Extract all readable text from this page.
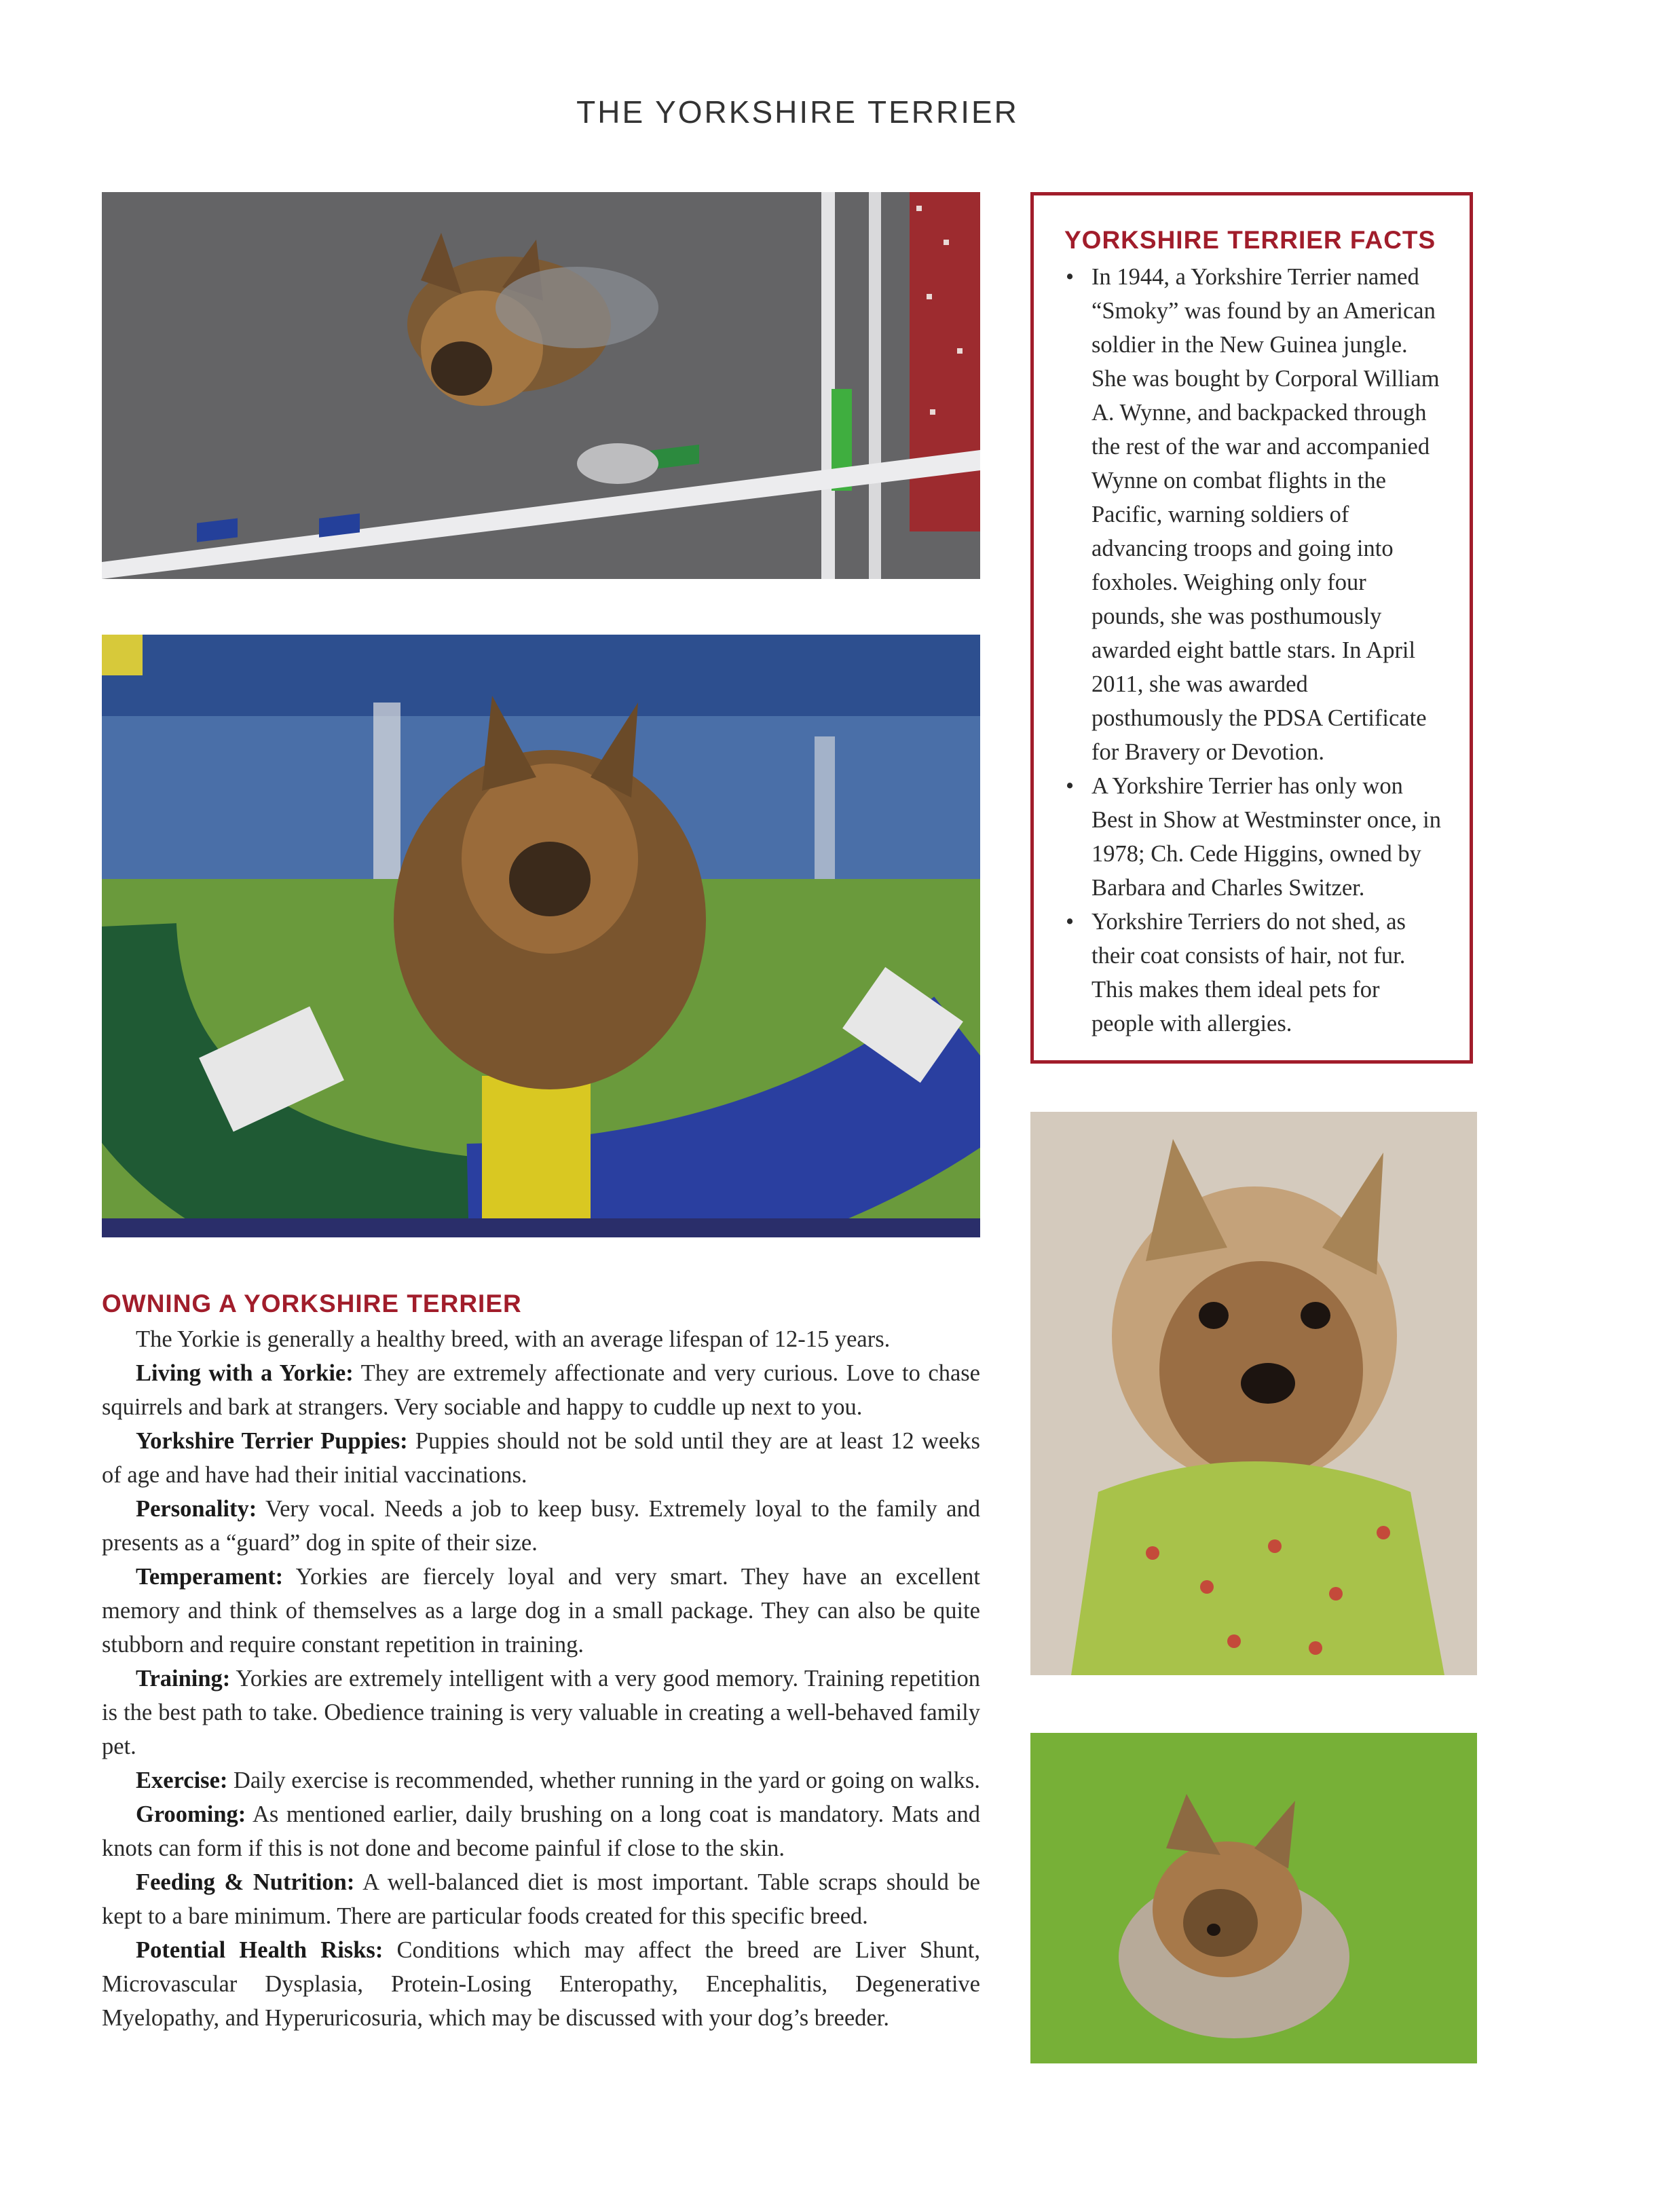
THE YORKSHIRE TERRIER
YORKSHIRE TERRIER FACTS
• In 1944, a Yorkshire Terrier named “Smoky” was found by an American soldier in the New Guinea jungle. She was bought by Corporal William A. Wynne, and backpacked through the rest of the war and accompanied Wynne on combat flights in the Pacific, warning soldiers of advancing troops and going into foxholes. Weighing only four pounds, she was posthumously awarded eight battle stars. In April 2011, she was awarded posthumously the PDSA Certificate for Bravery or Devotion.
• A Yorkshire Terrier has only won Best in Show at Westminster once, in 1978; Ch. Cede Higgins, owned by Barbara and Charles Switzer.
• Yorkshire Terriers do not shed, as their coat consists of hair, not fur. This makes them ideal pets for people with allergies.
OWNING A YORKSHIRE TERRIER

The Yorkie is generally a healthy breed, with an average lifespan of 12-15 years.

Living with a Yorkie: They are extremely affectionate and very curious. Love to chase squirrels and bark at strangers. Very sociable and happy to cuddle up next to you.

Yorkshire Terrier Puppies: Puppies should not be sold until they are at least 12 weeks of age and have had their initial vaccinations.

Personality: Very vocal. Needs a job to keep busy. Extremely loyal to the family and presents as a “guard” dog in spite of their size.

Temperament: Yorkies are fiercely loyal and very smart. They have an excellent memory and think of themselves as a large dog in a small package. They can also be quite stubborn and require constant repetition in training.

Training: Yorkies are extremely intelligent with a very good memory. Training repetition is the best path to take. Obedience training is very valuable in creating a well-behaved family pet.

Exercise: Daily exercise is recommended, whether running in the yard or going on walks.

Grooming: As mentioned earlier, daily brushing on a long coat is mandatory. Mats and knots can form if this is not done and become painful if close to the skin.

Feeding & Nutrition: A well-balanced diet is most important. Table scraps should be kept to a bare minimum. There are particular foods created for this specific breed.

Potential Health Risks: Conditions which may affect the breed are Liver Shunt, Microvascular Dysplasia, Protein-Losing Enteropathy, Encephalitis, Degenerative Myelopathy, and Hyperuricosuria, which may be discussed with your dog’s breeder.
